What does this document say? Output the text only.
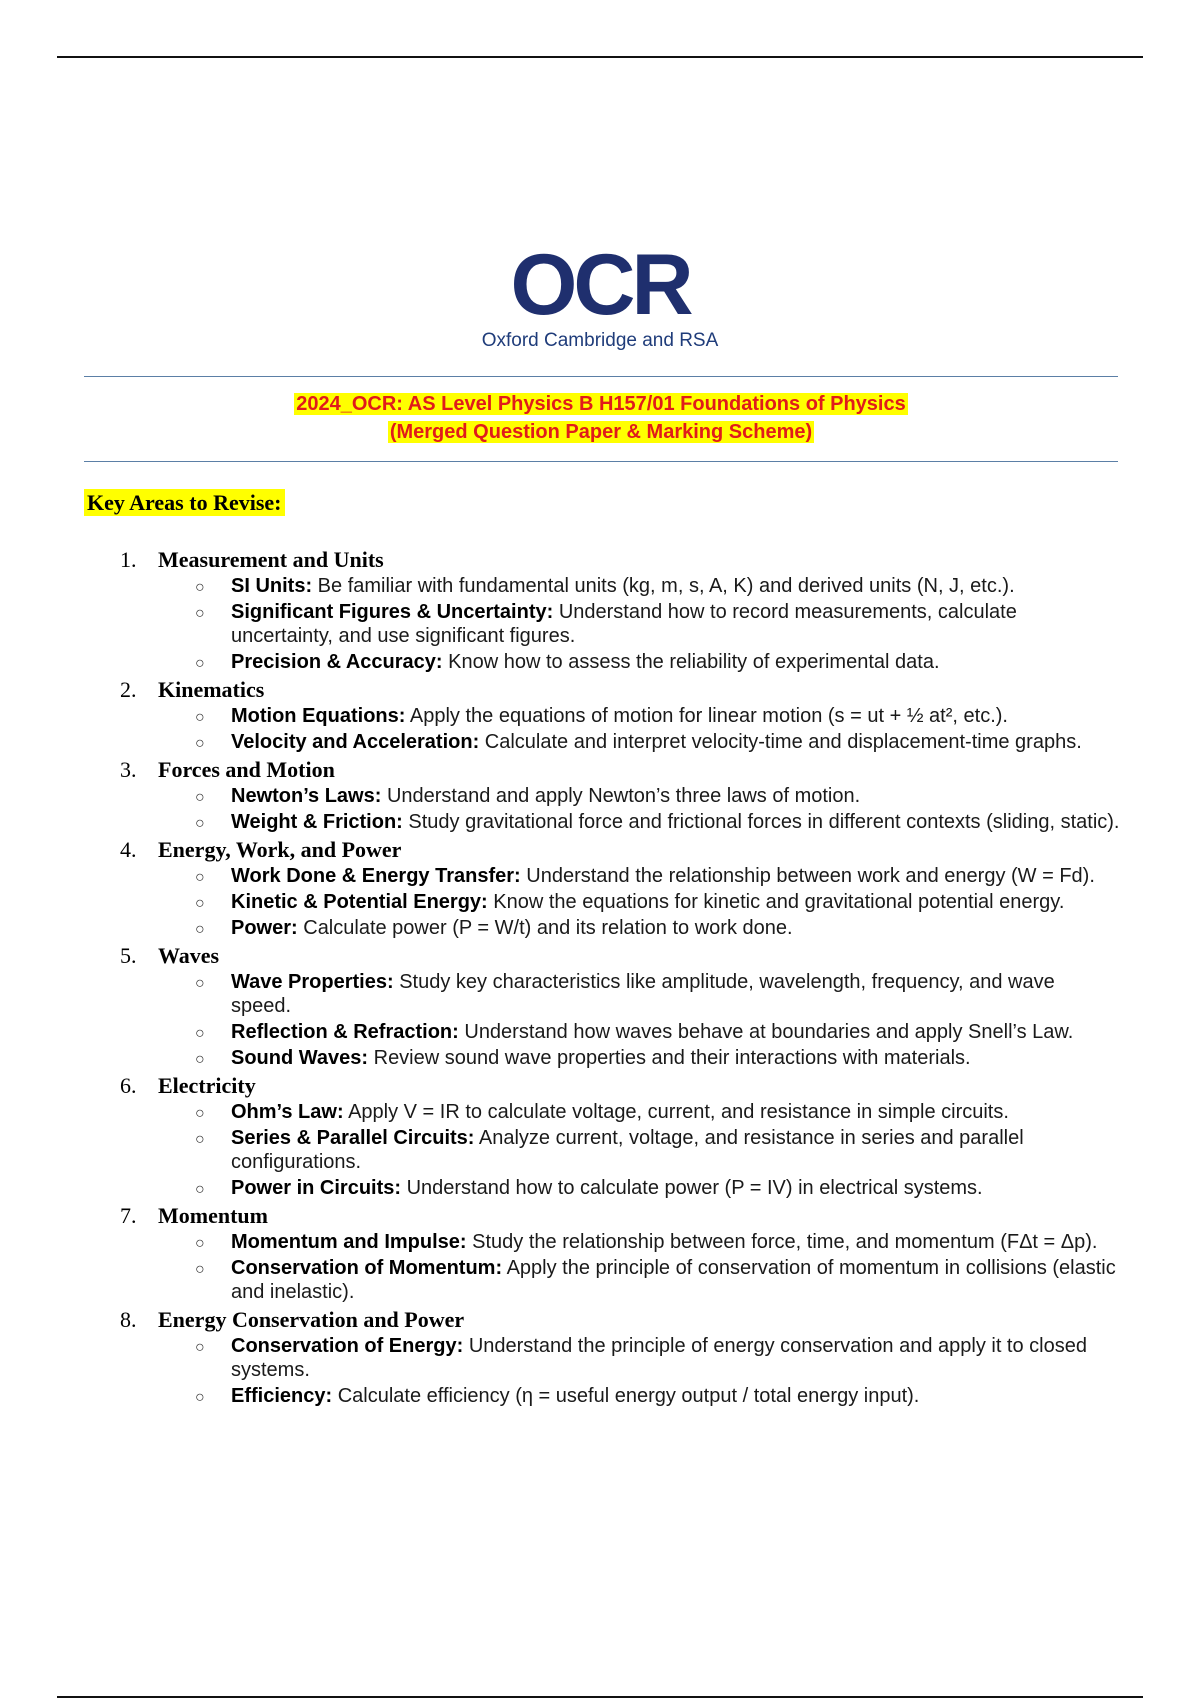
OCR
Oxford Cambridge and RSA
2024_OCR: AS Level Physics B H157/01 Foundations of Physics
(Merged Question Paper & Marking Scheme)
Key Areas to Revise:
1. Measurement and Units
○ SI Units: Be familiar with fundamental units (kg, m, s, A, K) and derived units (N, J, etc.).
○ Significant Figures & Uncertainty: Understand how to record measurements, calculate uncertainty, and use significant figures.
○ Precision & Accuracy: Know how to assess the reliability of experimental data.
2. Kinematics
○ Motion Equations: Apply the equations of motion for linear motion (s = ut + ½ at², etc.).
○ Velocity and Acceleration: Calculate and interpret velocity-time and displacement-time graphs.
3. Forces and Motion
○ Newton’s Laws: Understand and apply Newton’s three laws of motion.
○ Weight & Friction: Study gravitational force and frictional forces in different contexts (sliding, static).
4. Energy, Work, and Power
○ Work Done & Energy Transfer: Understand the relationship between work and energy (W = Fd).
○ Kinetic & Potential Energy: Know the equations for kinetic and gravitational potential energy.
○ Power: Calculate power (P = W/t) and its relation to work done.
5. Waves
○ Wave Properties: Study key characteristics like amplitude, wavelength, frequency, and wave speed.
○ Reflection & Refraction: Understand how waves behave at boundaries and apply Snell’s Law.
○ Sound Waves: Review sound wave properties and their interactions with materials.
6. Electricity
○ Ohm’s Law: Apply V = IR to calculate voltage, current, and resistance in simple circuits.
○ Series & Parallel Circuits: Analyze current, voltage, and resistance in series and parallel configurations.
○ Power in Circuits: Understand how to calculate power (P = IV) in electrical systems.
7. Momentum
○ Momentum and Impulse: Study the relationship between force, time, and momentum (FΔt = Δp).
○ Conservation of Momentum: Apply the principle of conservation of momentum in collisions (elastic and inelastic).
8. Energy Conservation and Power
○ Conservation of Energy: Understand the principle of energy conservation and apply it to closed systems.
○ Efficiency: Calculate efficiency (η = useful energy output / total energy input).
